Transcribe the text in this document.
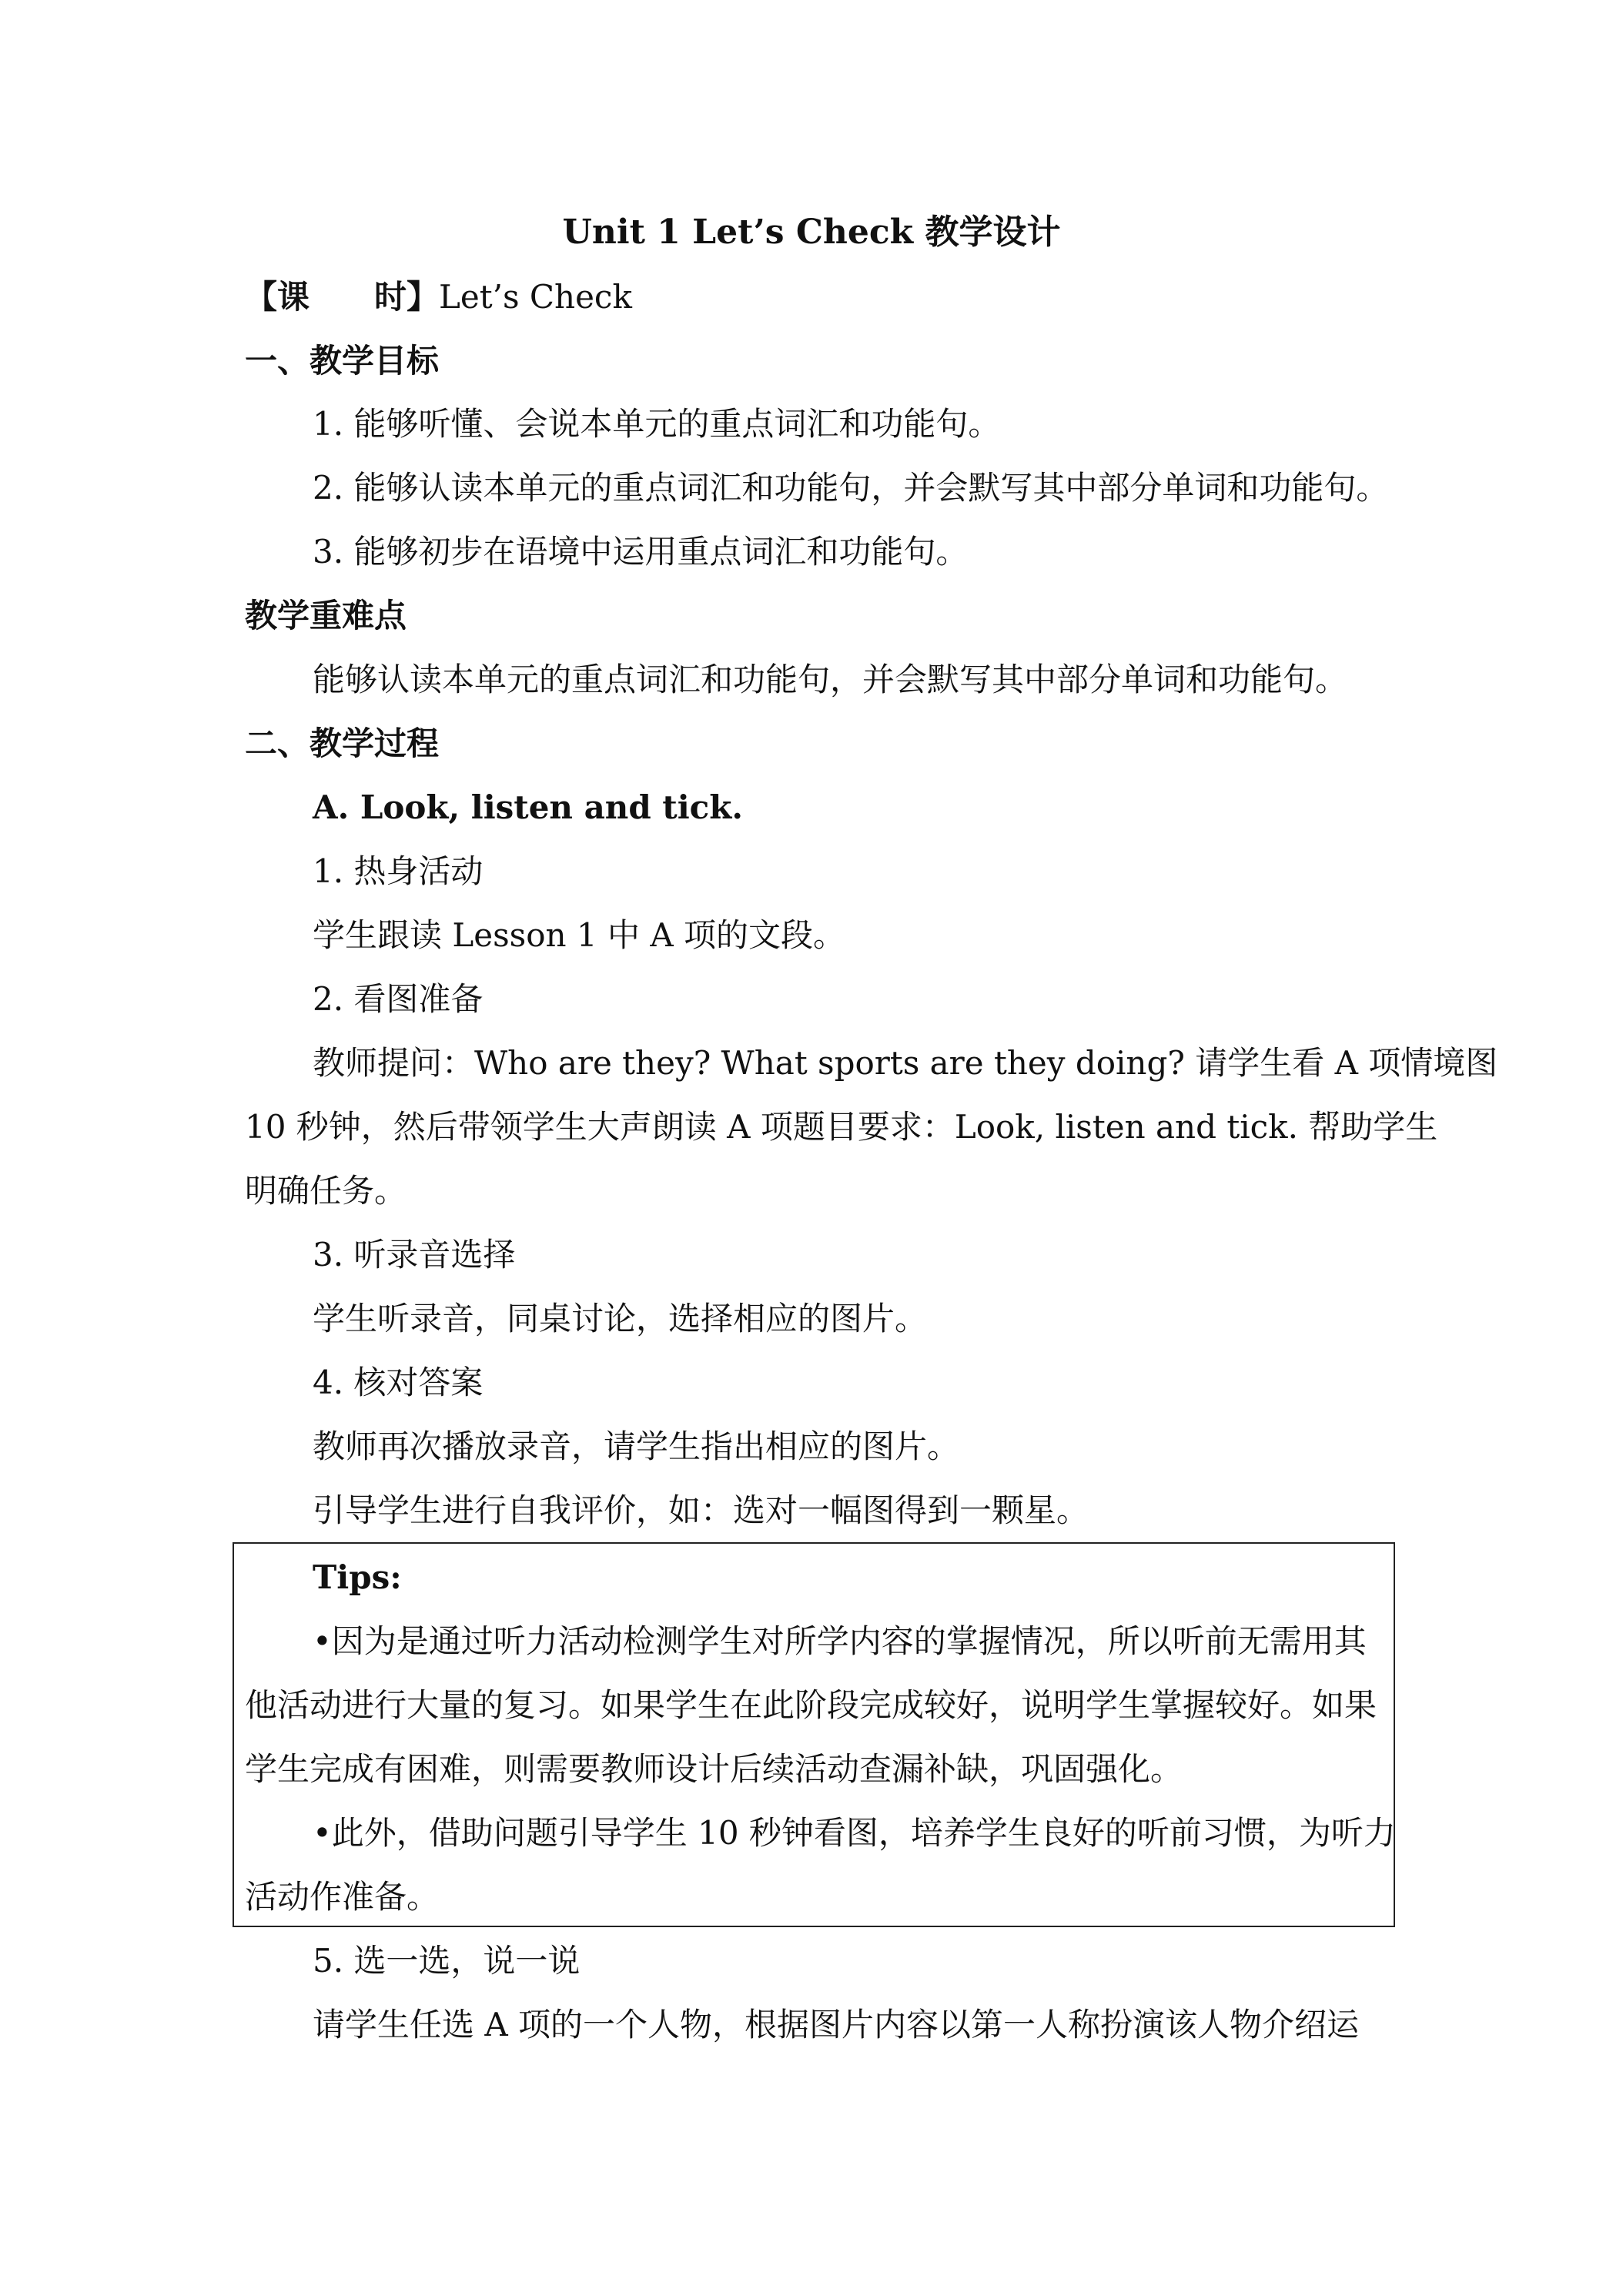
Unit 1 Let’s Check 教学设计
【课　　时】Let’s Check
一、教学目标
1. 能够听懂、会说本单元的重点词汇和功能句。
2. 能够认读本单元的重点词汇和功能句，并会默写其中部分单词和功能句。
3. 能够初步在语境中运用重点词汇和功能句。
教学重难点
能够认读本单元的重点词汇和功能句，并会默写其中部分单词和功能句。
二、教学过程
A. Look, listen and tick.
1. 热身活动
学生跟读 Lesson 1 中 A 项的文段。
2. 看图准备
教师提问：Who are they? What sports are they doing? 请学生看 A 项情境图
10 秒钟，然后带领学生大声朗读 A 项题目要求：Look, listen and tick. 帮助学生
明确任务。
3. 听录音选择
学生听录音，同桌讨论，选择相应的图片。
4. 核对答案
教师再次播放录音，请学生指出相应的图片。
引导学生进行自我评价，如：选对一幅图得到一颗星。
Tips:
•因为是通过听力活动检测学生对所学内容的掌握情况，所以听前无需用其
他活动进行大量的复习。如果学生在此阶段完成较好，说明学生掌握较好。如果
学生完成有困难，则需要教师设计后续活动查漏补缺，巩固强化。
•此外，借助问题引导学生 10 秒钟看图，培养学生良好的听前习惯，为听力
活动作准备。
5. 选一选，说一说
请学生任选 A 项的一个人物，根据图片内容以第一人称扮演该人物介绍运
